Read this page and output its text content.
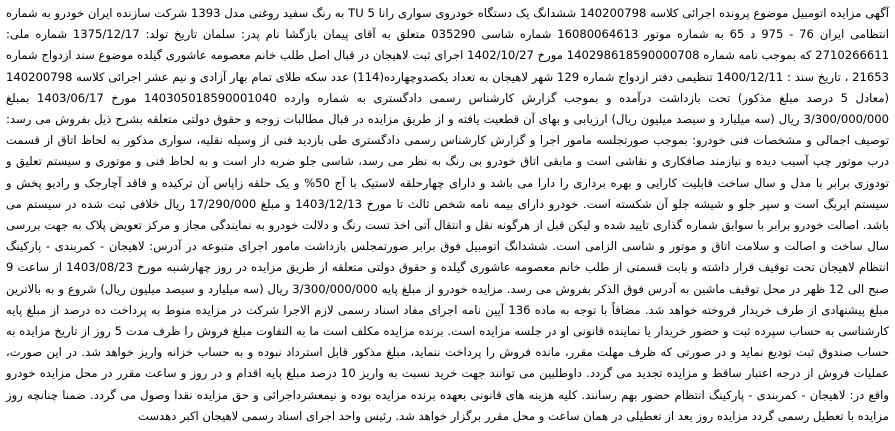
آگهی مزایده اتومبیل موضوع پرونده اجرائی کلاسه 140200798 ششدانگ یک دستگاه خودروی سواری رانا TU 5 به رنگ سفید روغنی مدل 1393 شرکت سازنده ایران خودرو به شماره انتظامی ایران 76 - 975 د 65 به شماره موتور 16080064613 شماره شاسی 035290 متعلق به آقای پیمان بازگشا نام پدر: سلمان تاریخ تولد: 1375/12/17 شماره ملی: 2710266611 که بموجب نامه شماره 140298618590000708 مورخ 1402/10/27 اجرای ثبت لاهیجان در قبال اصل طلب خانم معصومه عاشوری گیلده موضوع سند ازدواج شماره 21653 ، تاریخ سند : 1400/12/11 تنظیمی دفتر ازدواج شماره 129 شهر لاهیجان به تعداد یکصدوچهارده(114) عدد سکه طلای تمام بهار آزادی و نیم عشر اجرائی کلاسه 140200798 (معادل 5 درصد مبلغ مذکور) تحت بازداشت درآمده و بموجب گزارش کارشناس رسمی دادگستری به شماره وارده 140305018590001040 مورخ 1403/06/17 بمبلغ 3/300/000/000 ریال (سه میلیارد و سیصد میلیون ریال) ارزیابی و بهای آن قطعیت یافته و از طریق مزایده در قبال مطالبات زوجه و حقوق دولتی متعلقه بشرح ذیل بفروش می رسد: توصیف اجمالی و مشخصات فنی خودرو: بموجب صورتجلسه مامور اجرا و گزارش کارشناس رسمی دادگستری طی بازدید فنی از وسیله نقلیه، سواری مذکور به لحاظ اتاق از قسمت درب موتور چپ آسیب دیده و نیازمند صافکاری و نقاشی است و مابقی اتاق خودرو بی رنگ به نظر می رسد، شاسی جلو ضربه دار است و به لحاظ فنی و موتوری و سیستم تعلیق و تودوزی برابر با مدل و سال ساخت قابلیت کارایی و بهره برداری را دارا می باشد و دارای چهارحلقه لاستیک با آج 50% و یک حلقه زاپاس آن ترکیده و فاقد آچارجک و رادیو پخش و سیستم ایربگ است و سپر جلو و شیشه جلو آن شکسته است. خودرو دارای بیمه نامه شخص ثالث تا مورخ 1403/12/13 و مبلغ 17/290/000 ریال خلافی ثبت شده در سیستم می باشد. اصالت خودرو برابر با سوابق شماره گذاری تایید شده و لیکن قبل از هرگونه نقل و انتقال آتی اخذ تست رنگ و دلالت خودرو به نمایندگی مجاز و مرکز تعویض پلاک به جهت بررسی سال ساخت و اصالت و سلامت اتاق و موتور و شاسی الزامی است. ششدانگ اتومبیل فوق برابر صورتمجلس بازداشت مامور اجرای متبوعه در آدرس: لاهیجان - کمربندی - پارکینگ انتظام لاهیجان تحت توقیف قرار داشته و بابت قسمتی از طلب خانم معصومه عاشوری گیلده و حقوق دولتی متعلقه از طریق مزایده در روز چهارشنبه مورخ 1403/08/23 از ساعت 9 صبح الی 12 ظهر در محل توقیف ماشین به آدرس فوق الذکر بفروش می رسد. مزایده خودرو از مبلغ پایه 3/300/000/000 ریال (سه میلیارد و سیصد میلیون ریال) شروع و به بالاترین مبلغ پیشنهادی از طرف خریدار فروخته خواهد شد. مضافاً با توجه به ماده 136 آیین نامه اجرای مفاد اسناد رسمی لازم الاجرا شرکت در مزایده منوط به پرداخت ده درصد از مبلغ پایه کارشناسی به حساب سپرده ثبت و حضور خریدار یا نماینده قانونی او در جلسه مزایده است. برنده مزایده مکلف است ما به التفاوت مبلغ فروش را ظرف مدت 5 روز از تاریخ مزایده به حساب صندوق ثبت تودیع نماید و در صورتی که ظرف مهلت مقرر، مانده فروش را پرداخت ننماید، مبلغ مذکور قابل استرداد نبوده و به حساب خزانه واریز خواهد شد. در این صورت، عملیات فروش از درجه اعتبار ساقط و مزایده تجدید می گردد. داوطلبین می توانند جهت خرید نسبت به واریز 10 درصد مبلغ پایه اقدام و در روز و ساعت مقرر در محل مزایده خودرو واقع در: لاهیجان - کمربندی - پارکینگ انتظام حضور بهم رسانند. کلیه هزینه های قانونی بعهده برنده مزایده بوده و نیمعشرداجرائی و حق مزایده نقدا وصول می گردد. ضمنا چنانچه روز مزایده با تعطیل رسمی گردد مزایده روز بعد از تعطیلی در همان ساعت و محل مقرر برگزار خواهد شد. رئیس واحد اجرای اسناد رسمی لاهیجان اکبر دهدست
